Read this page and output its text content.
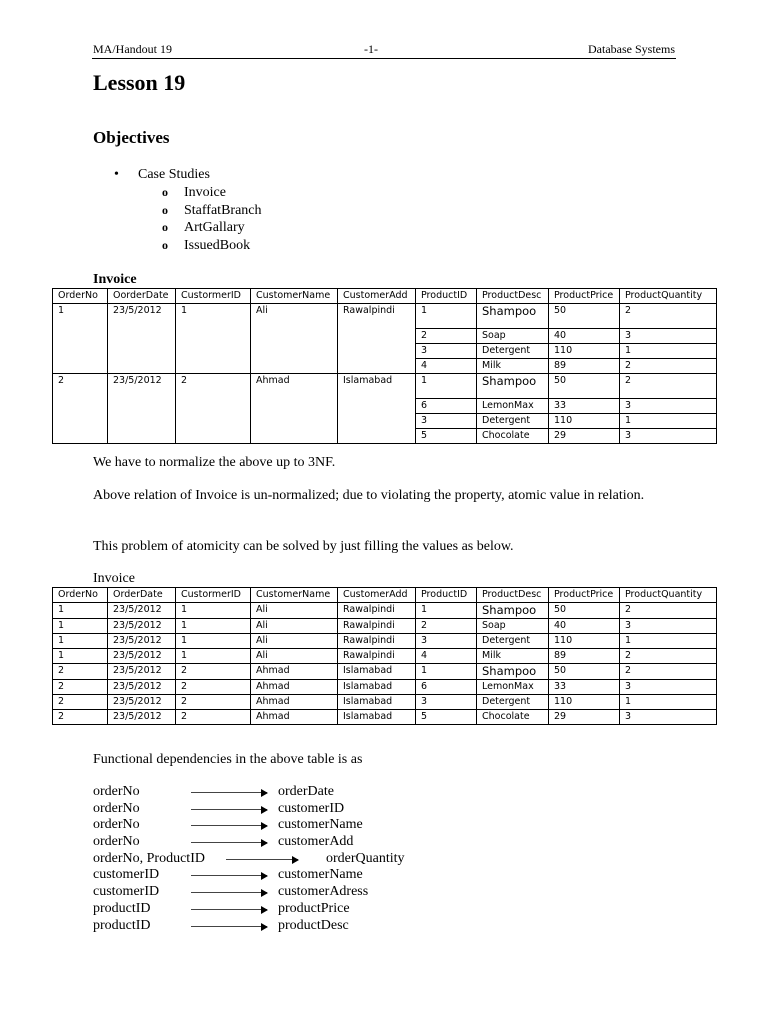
MA/Handout 19	-1-	Database Systems
Lesson 19
Objectives
• Case Studies
o Invoice
o StaffatBranch
o ArtGallary
o IssuedBook
Invoice
OrderNo	OorderDate	CustormerID	CustomerName	CustomerAdd	ProductID	ProductDesc	ProductPrice	ProductQuantity
1	23/5/2012	1	Ali	Rawalpindi	1	Shampoo	50	2
					2	Soap	40	3
					3	Detergent	110	1
					4	Milk	89	2
2	23/5/2012	2	Ahmad	Islamabad	1	Shampoo	50	2
					6	LemonMax	33	3
					3	Detergent	110	1
					5	Chocolate	29	3

We have to normalize the above up to 3NF.

Above relation of Invoice is un-normalized; due to violating the property, atomic value in relation.

This problem of atomicity can be solved by just filling the values as below.

Invoice
OrderNo	OrderDate	CustormerID	CustomerName	CustomerAdd	ProductID	ProductDesc	ProductPrice	ProductQuantity
1	23/5/2012	1	Ali	Rawalpindi	1	Shampoo	50	2
1	23/5/2012	1	Ali	Rawalpindi	2	Soap	40	3
1	23/5/2012	1	Ali	Rawalpindi	3	Detergent	110	1
1	23/5/2012	1	Ali	Rawalpindi	4	Milk	89	2
2	23/5/2012	2	Ahmad	Islamabad	1	Shampoo	50	2
2	23/5/2012	2	Ahmad	Islamabad	6	LemonMax	33	3
2	23/5/2012	2	Ahmad	Islamabad	3	Detergent	110	1
2	23/5/2012	2	Ahmad	Islamabad	5	Chocolate	29	3

Functional dependencies in the above table is as

orderNo	orderDate
orderNo	customerID
orderNo	customerName
orderNo	customerAdd
orderNo, ProductID	orderQuantity
customerID	customerName
customerID	customerAdress
productID	productPrice
productID	productDesc
